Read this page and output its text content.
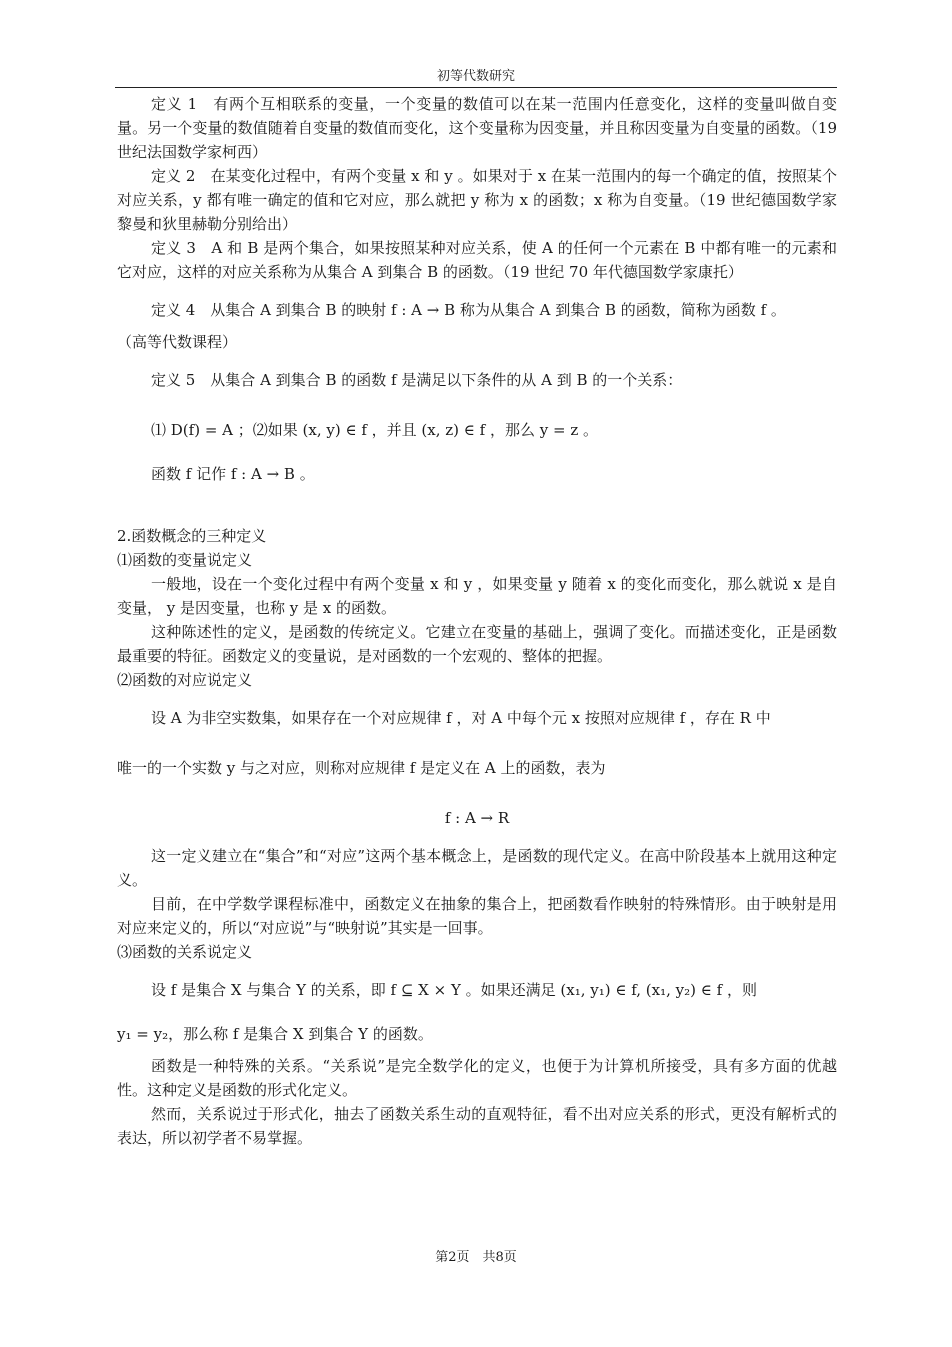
初等代数研究

定义 1　有两个互相联系的变量，一个变量的数值可以在某一范围内任意变化，这样的变量叫做自变量。另一个变量的数值随着自变量的数值而变化，这个变量称为因变量，并且称因变量为自变量的函数。（19 世纪法国数学家柯西）

定义 2　在某变化过程中，有两个变量 x 和 y 。如果对于 x 在某一范围内的每一个确定的值，按照某个对应关系，y 都有唯一确定的值和它对应，那么就把 y 称为 x 的函数；x 称为自变量。（19 世纪德国数学家黎曼和狄里赫勒分别给出）

定义 3　A 和 B 是两个集合，如果按照某种对应关系，使 A 的任何一个元素在 B 中都有唯一的元素和它对应，这样的对应关系称为从集合 A 到集合 B 的函数。（19 世纪 70 年代德国数学家康托）

定义 4　从集合 A 到集合 B 的映射 f : A → B 称为从集合 A 到集合 B 的函数，简称为函数 f 。

（高等代数课程）

定义 5　从集合 A 到集合 B 的函数 f 是满足以下条件的从 A 到 B 的一个关系：

⑴ D(f) = A ；⑵如果 (x, y) ∈ f ，并且 (x, z) ∈ f ，那么 y = z 。

函数 f 记作 f : A → B 。

2.函数概念的三种定义

⑴函数的变量说定义

一般地，设在一个变化过程中有两个变量 x 和 y ，如果变量 y 随着 x 的变化而变化，那么就说 x 是自变量， y 是因变量，也称 y 是 x 的函数。

这种陈述性的定义，是函数的传统定义。它建立在变量的基础上，强调了变化。而描述变化，正是函数最重要的特征。函数定义的变量说，是对函数的一个宏观的、整体的把握。

⑵函数的对应说定义

设 A 为非空实数集，如果存在一个对应规律 f ，对 A 中每个元 x 按照对应规律 f ，存在 R 中

唯一的一个实数 y 与之对应，则称对应规律 f 是定义在 A 上的函数，表为

f : A → R

这一定义建立在“集合”和“对应”这两个基本概念上，是函数的现代定义。在高中阶段基本上就用这种定义。

目前，在中学数学课程标准中，函数定义在抽象的集合上，把函数看作映射的特殊情形。由于映射是用对应来定义的，所以“对应说”与“映射说”其实是一回事。

⑶函数的关系说定义

设 f 是集合 X 与集合 Y 的关系，即 f ⊆ X × Y 。如果还满足 (x₁, y₁) ∈ f, (x₁, y₂) ∈ f ，则

y₁ = y₂，那么称 f 是集合 X 到集合 Y 的函数。

函数是一种特殊的关系。“关系说”是完全数学化的定义，也便于为计算机所接受，具有多方面的优越性。这种定义是函数的形式化定义。

然而，关系说过于形式化，抽去了函数关系生动的直观特征，看不出对应关系的形式，更没有解析式的表达，所以初学者不易掌握。

第2页　共8页
